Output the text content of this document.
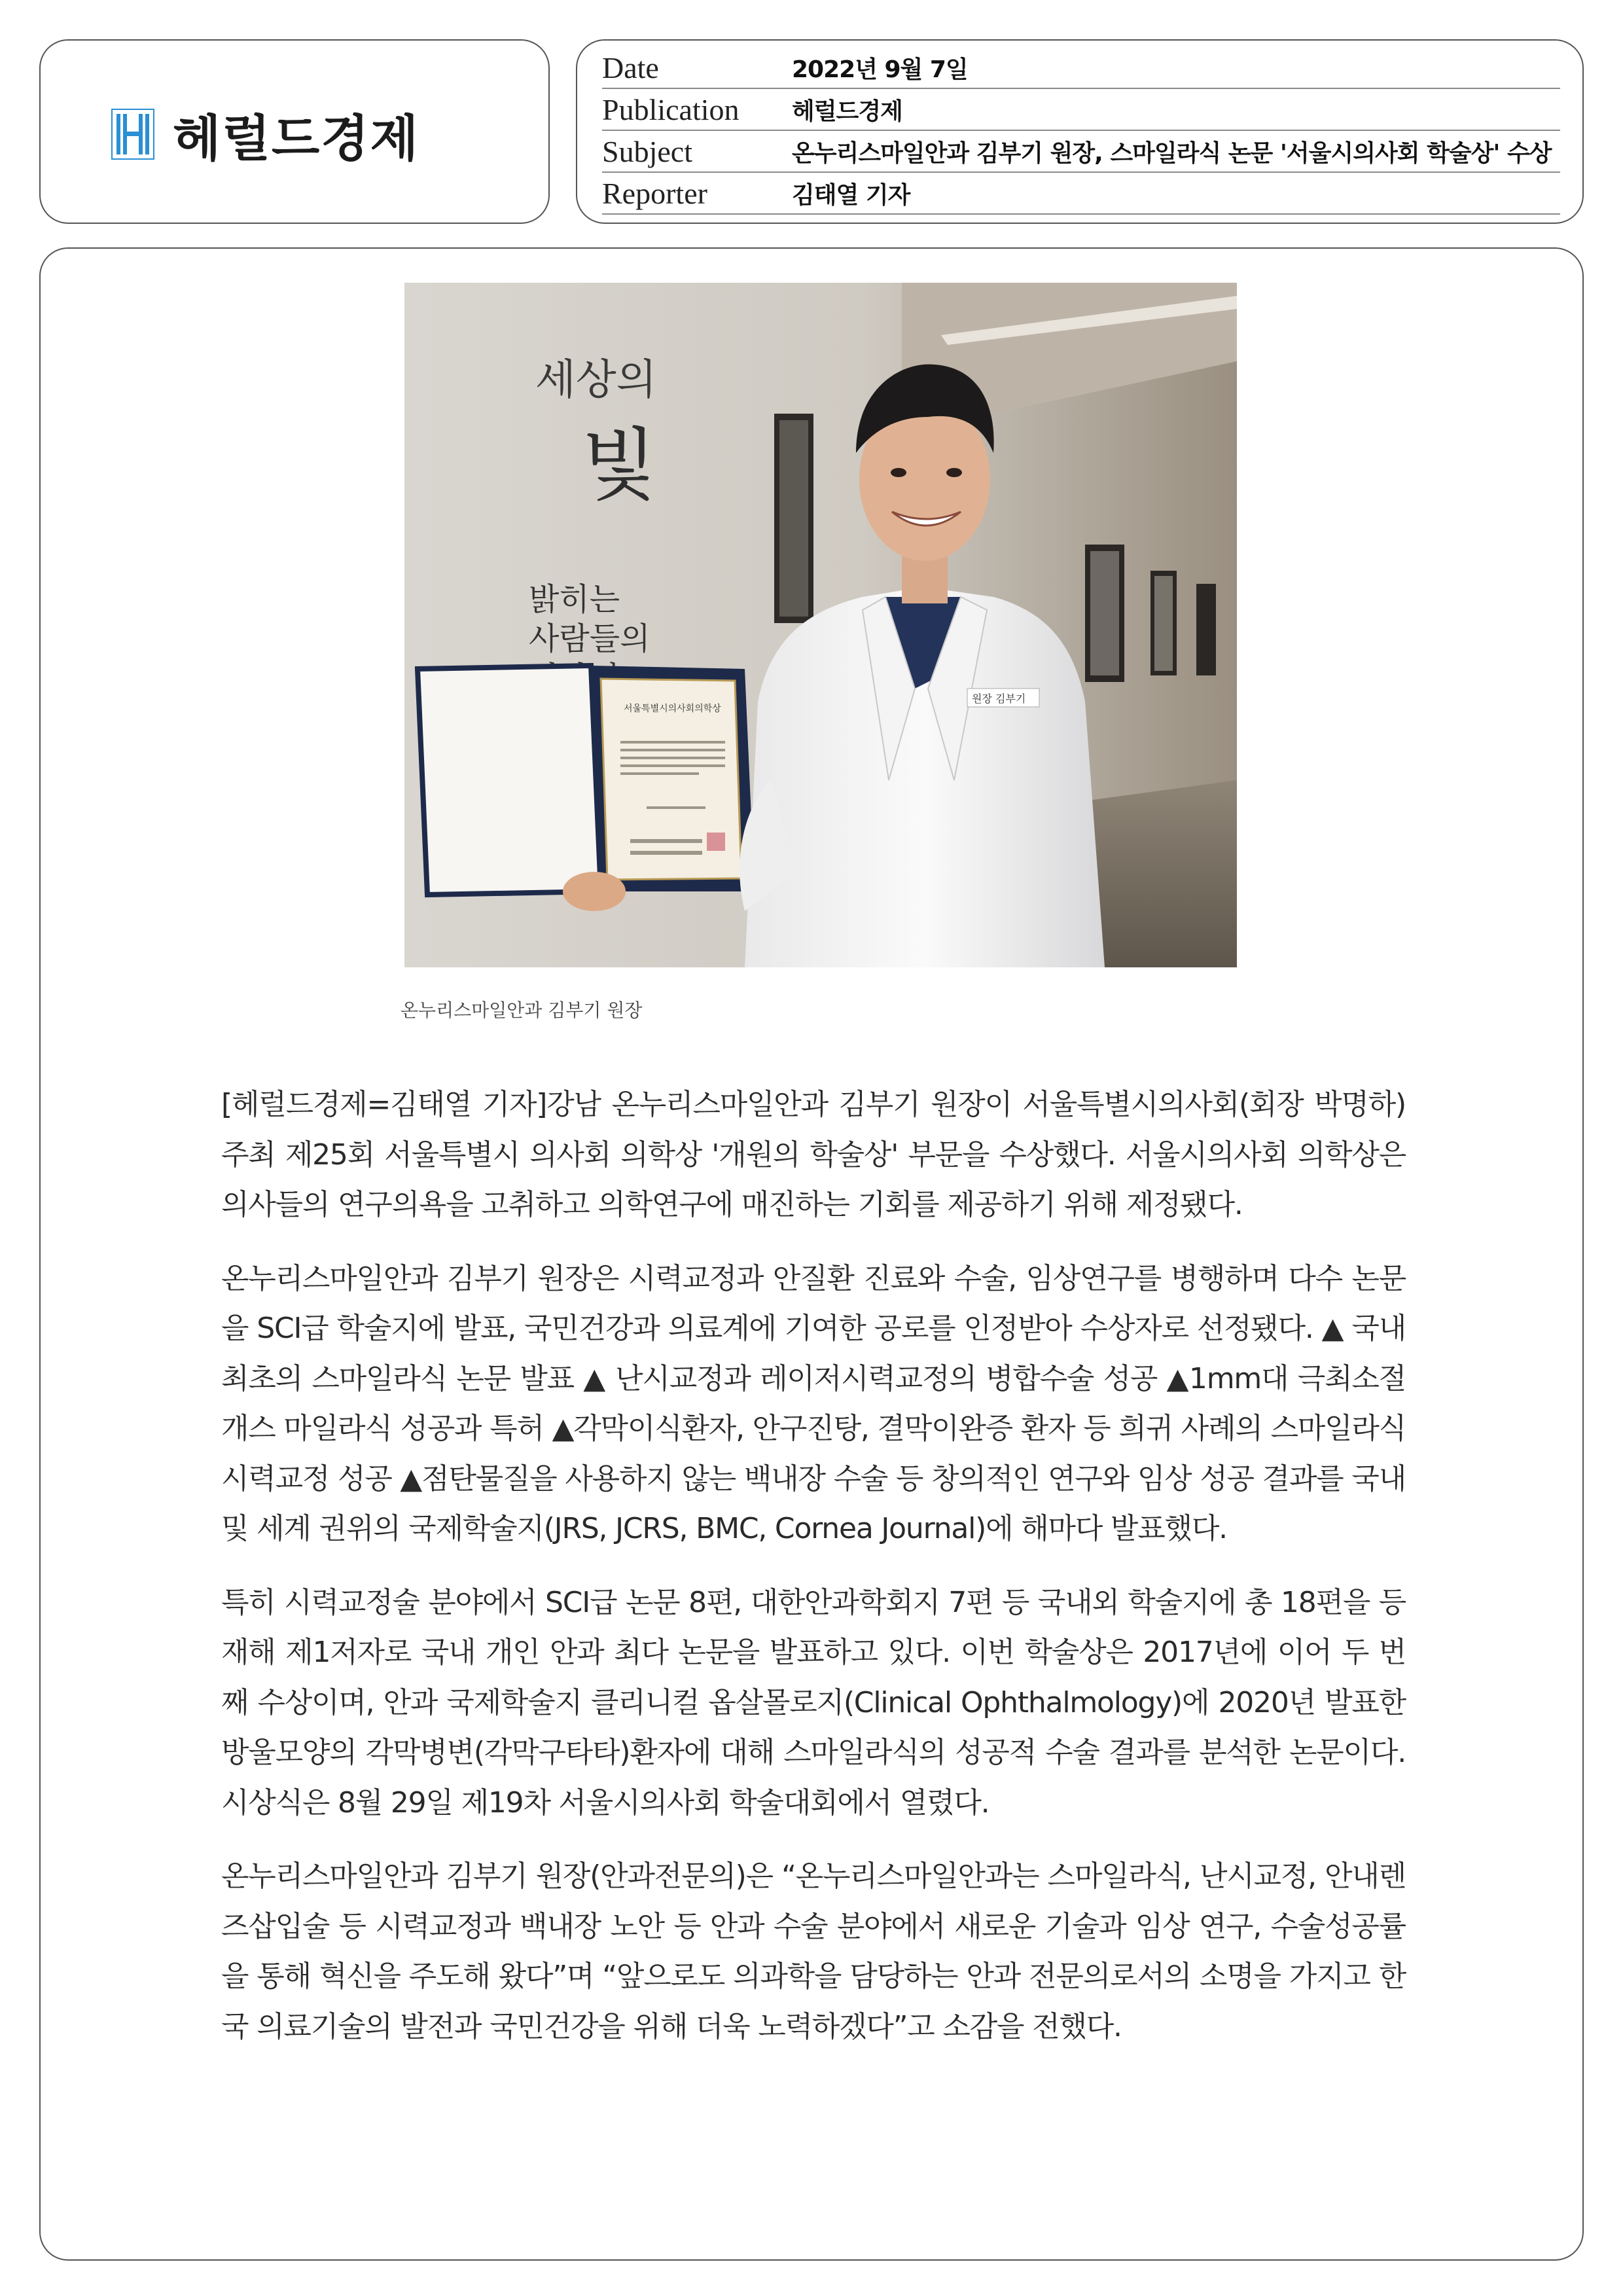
헤럴드경제
Date	2022년 9월 7일
Publication	헤럴드경제
Subject	온누리스마일안과 김부기 원장, 스마일라식 논문 '서울시의사회 학술상' 수상
Reporter	김태열 기자
세상의
빛
밝히는
사람들의
원장 김부기
서울특별시의사회의학상
온누리스마일안과 김부기 원장

[헤럴드경제=김태열 기자]강남 온누리스마일안과 김부기 원장이 서울특별시의사회(회장 박명하)주최 제25회 서울특별시 의사회 의학상 '개원의 학술상' 부문을 수상했다. 서울시의사회 의학상은 의사들의 연구의욕을 고취하고 의학연구에 매진하는 기회를 제공하기 위해 제정됐다.

온누리스마일안과 김부기 원장은 시력교정과 안질환 진료와 수술, 임상연구를 병행하며 다수 논문을 SCI급 학술지에 발표, 국민건강과 의료계에 기여한 공로를 인정받아 수상자로 선정됐다. ▲ 국내 최초의 스마일라식 논문 발표 ▲ 난시교정과 레이저시력교정의 병합수술 성공 ▲1mm대 극최소절개스 마일라식 성공과 특허 ▲각막이식환자, 안구진탕, 결막이완증 환자 등 희귀 사례의 스마일라식 시력교정 성공 ▲점탄물질을 사용하지 않는 백내장 수술 등 창의적인 연구와 임상 성공 결과를 국내 및 세계 권위의 국제학술지(JRS, JCRS, BMC, Cornea Journal)에 해마다 발표했다.

특히 시력교정술 분야에서 SCI급 논문 8편, 대한안과학회지 7편 등 국내외 학술지에 총 18편을 등재해 제1저자로 국내 개인 안과 최다 논문을 발표하고 있다. 이번 학술상은 2017년에 이어 두 번째 수상이며, 안과 국제학술지 클리니컬 옵살몰로지(Clinical Ophthalmology)에 2020년 발표한 방울모양의 각막병변(각막구타타)환자에 대해 스마일라식의 성공적 수술 결과를 분석한 논문이다. 시상식은 8월 29일 제19차 서울시의사회 학술대회에서 열렸다.

온누리스마일안과 김부기 원장(안과전문의)은 “온누리스마일안과는 스마일라식, 난시교정, 안내렌즈삽입술 등 시력교정과 백내장 노안 등 안과 수술 분야에서 새로운 기술과 임상 연구, 수술성공률을 통해 혁신을 주도해 왔다”며 “앞으로도 의과학을 담당하는 안과 전문의로서의 소명을 가지고 한국 의료기술의 발전과 국민건강을 위해 더욱 노력하겠다”고 소감을 전했다.
